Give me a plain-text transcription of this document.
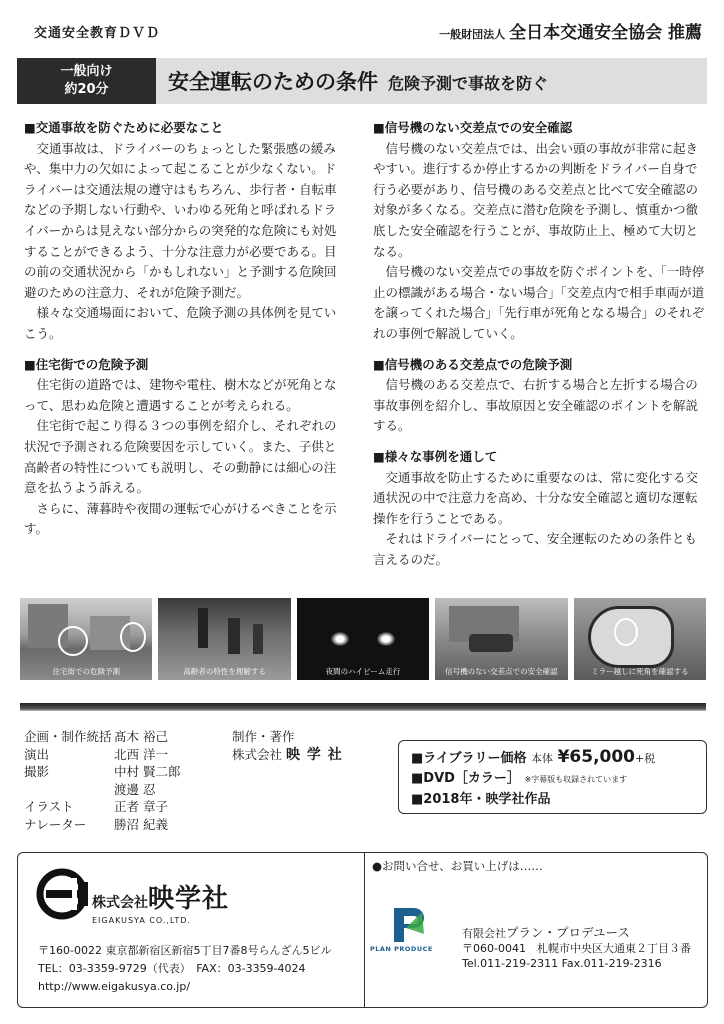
交通安全教育ＤＶＤ	一般財団法人 全日本交通安全協会 推薦
一般向け
約20分	安全運転のための条件 危険予測で事故を防ぐ
■交通事故を防ぐために必要なこと

交通事故は、ドライバーのちょっとした緊張感の緩みや、集中力の欠如によって起こることが少なくない。ドライバーは交通法規の遵守はもちろん、歩行者・自転車などの予期しない行動や、いわゆる死角と呼ばれるドライバーからは見えない部分からの突発的な危険にも対処することができるよう、十分な注意力が必要である。目の前の交通状況から「かもしれない」と予測する危険回避のための注意力、それが危険予測だ。

様々な交通場面において、危険予測の具体例を見ていこう。

■住宅街での危険予測

住宅街の道路では、建物や電柱、樹木などが死角となって、思わぬ危険と遭遇することが考えられる。

住宅街で起こり得る３つの事例を紹介し、それぞれの状況で予測される危険要因を示していく。また、子供と高齢者の特性についても説明し、その動静には細心の注意を払うよう訴える。

さらに、薄暮時や夜間の運転で心がけるべきことを示す。

■信号機のない交差点での安全確認

信号機のない交差点では、出会い頭の事故が非常に起きやすい。進行するか停止するかの判断をドライバー自身で行う必要があり、信号機のある交差点と比べて安全確認の対象が多くなる。交差点に潜む危険を予測し、慎重かつ徹底した安全確認を行うことが、事故防止上、極めて大切となる。

信号機のない交差点での事故を防ぐポイントを、「一時停止の標識がある場合・ない場合」「交差点内で相手車両が道を譲ってくれた場合」「先行車が死角となる場合」のそれぞれの事例で解説していく。

■信号機のある交差点での危険予測

信号機のある交差点で、右折する場合と左折する場合の事故事例を紹介し、事故原因と安全確認のポイントを解説する。

■様々な事例を通して

交通事故を防止するために重要なのは、常に変化する交通状況の中で注意力を高め、十分な安全確認と適切な運転操作を行うことである。

それはドライバーにとって、安全運転のための条件とも言えるのだ。

住宅街での危険予測	高齢者の特性を理解する	夜間のハイビーム走行	信号機のない交差点での安全確認	ミラー越しに死角を確認する
企画・制作統括 髙木 裕己
演出	北西 洋一
撮影	中村 賢二郎
渡邊 忍
イラスト	正者 章子
ナレーター	勝沼 紀義
制作・著作
株式会社 映 学 社	■ライブラリー価格 本体 ¥65,000+税
■DVD［カラー］ ※字幕版も収録されています
■2018年・映学社作品
株式会社映学社
EIGAKUSYA CO.,LTD.
〒160-0022 東京都新宿区新宿5丁目7番8号らんざん5ビル
TEL：03-3359-9729（代表）　FAX：03-3359-4024
http://www.eigakusya.co.jp/
●お問い合せ、お買い上げは……
PLAN PRODUCE
有限会社プラン・プロデユース
〒060-0041　札幌市中央区大通東２丁目３番
Tel.011-219-2311 Fax.011-219-2316
